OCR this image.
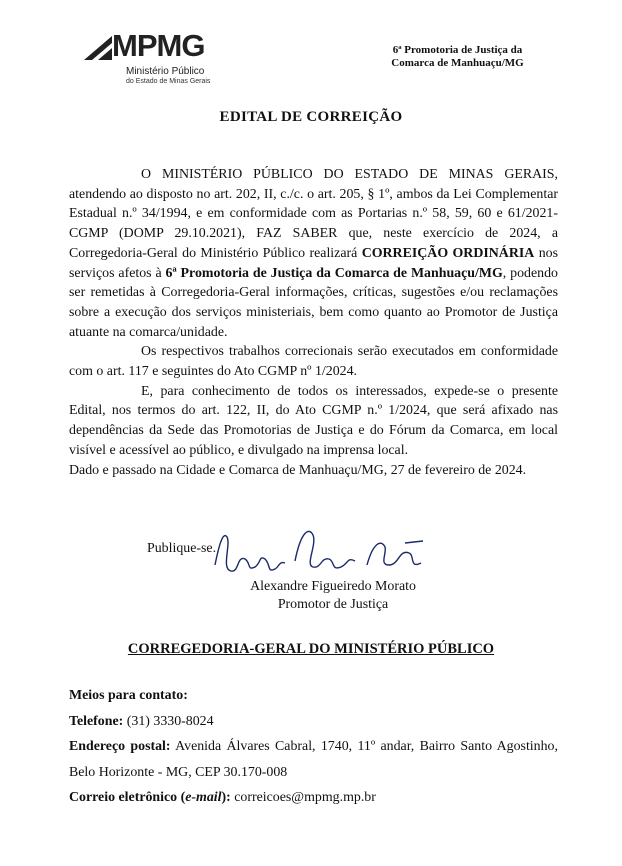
MPMG
Ministério Público
do Estado de Minas Gerais
6ª Promotoria de Justiça da
Comarca de Manhuaçu/MG
EDITAL DE CORREIÇÃO

O MINISTÉRIO PÚBLICO DO ESTADO DE MINAS GERAIS, atendendo ao disposto no art. 202, II, c./c. o art. 205, § 1º, ambos da Lei Complementar Estadual n.º 34/1994, e em conformidade com as Portarias n.º 58, 59, 60 e 61/2021-CGMP (DOMP 29.10.2021), FAZ SABER que, neste exercício de 2024, a Corregedoria-Geral do Ministério Público realizará CORREIÇÃO ORDINÁRIA nos serviços afetos à 6ª Promotoria de Justiça da Comarca de Manhuaçu/MG, podendo ser remetidas à Corregedoria-Geral informações, críticas, sugestões e/ou reclamações sobre a execução dos serviços ministeriais, bem como quanto ao Promotor de Justiça atuante na comarca/unidade.

Os respectivos trabalhos correcionais serão executados em conformidade com o art. 117 e seguintes do Ato CGMP nº 1/2024.

E, para conhecimento de todos os interessados, expede-se o presente Edital, nos termos do art. 122, II, do Ato CGMP n.º 1/2024, que será afixado nas dependências da Sede das Promotorias de Justiça e do Fórum da Comarca, em local visível e acessível ao público, e divulgado na imprensa local.

Dado e passado na Cidade e Comarca de Manhuaçu/MG, 27 de fevereiro de 2024.

Publique-se.
Alexandre Figueiredo Morato
Promotor de Justiça
CORREGEDORIA-GERAL DO MINISTÉRIO PÚBLICO
Meios para contato:
Telefone: (31) 3330-8024
Endereço postal: Avenida Álvares Cabral, 1740, 11º andar, Bairro Santo Agostinho, Belo Horizonte - MG, CEP 30.170-008
Correio eletrônico (e-mail): correicoes@mpmg.mp.br
